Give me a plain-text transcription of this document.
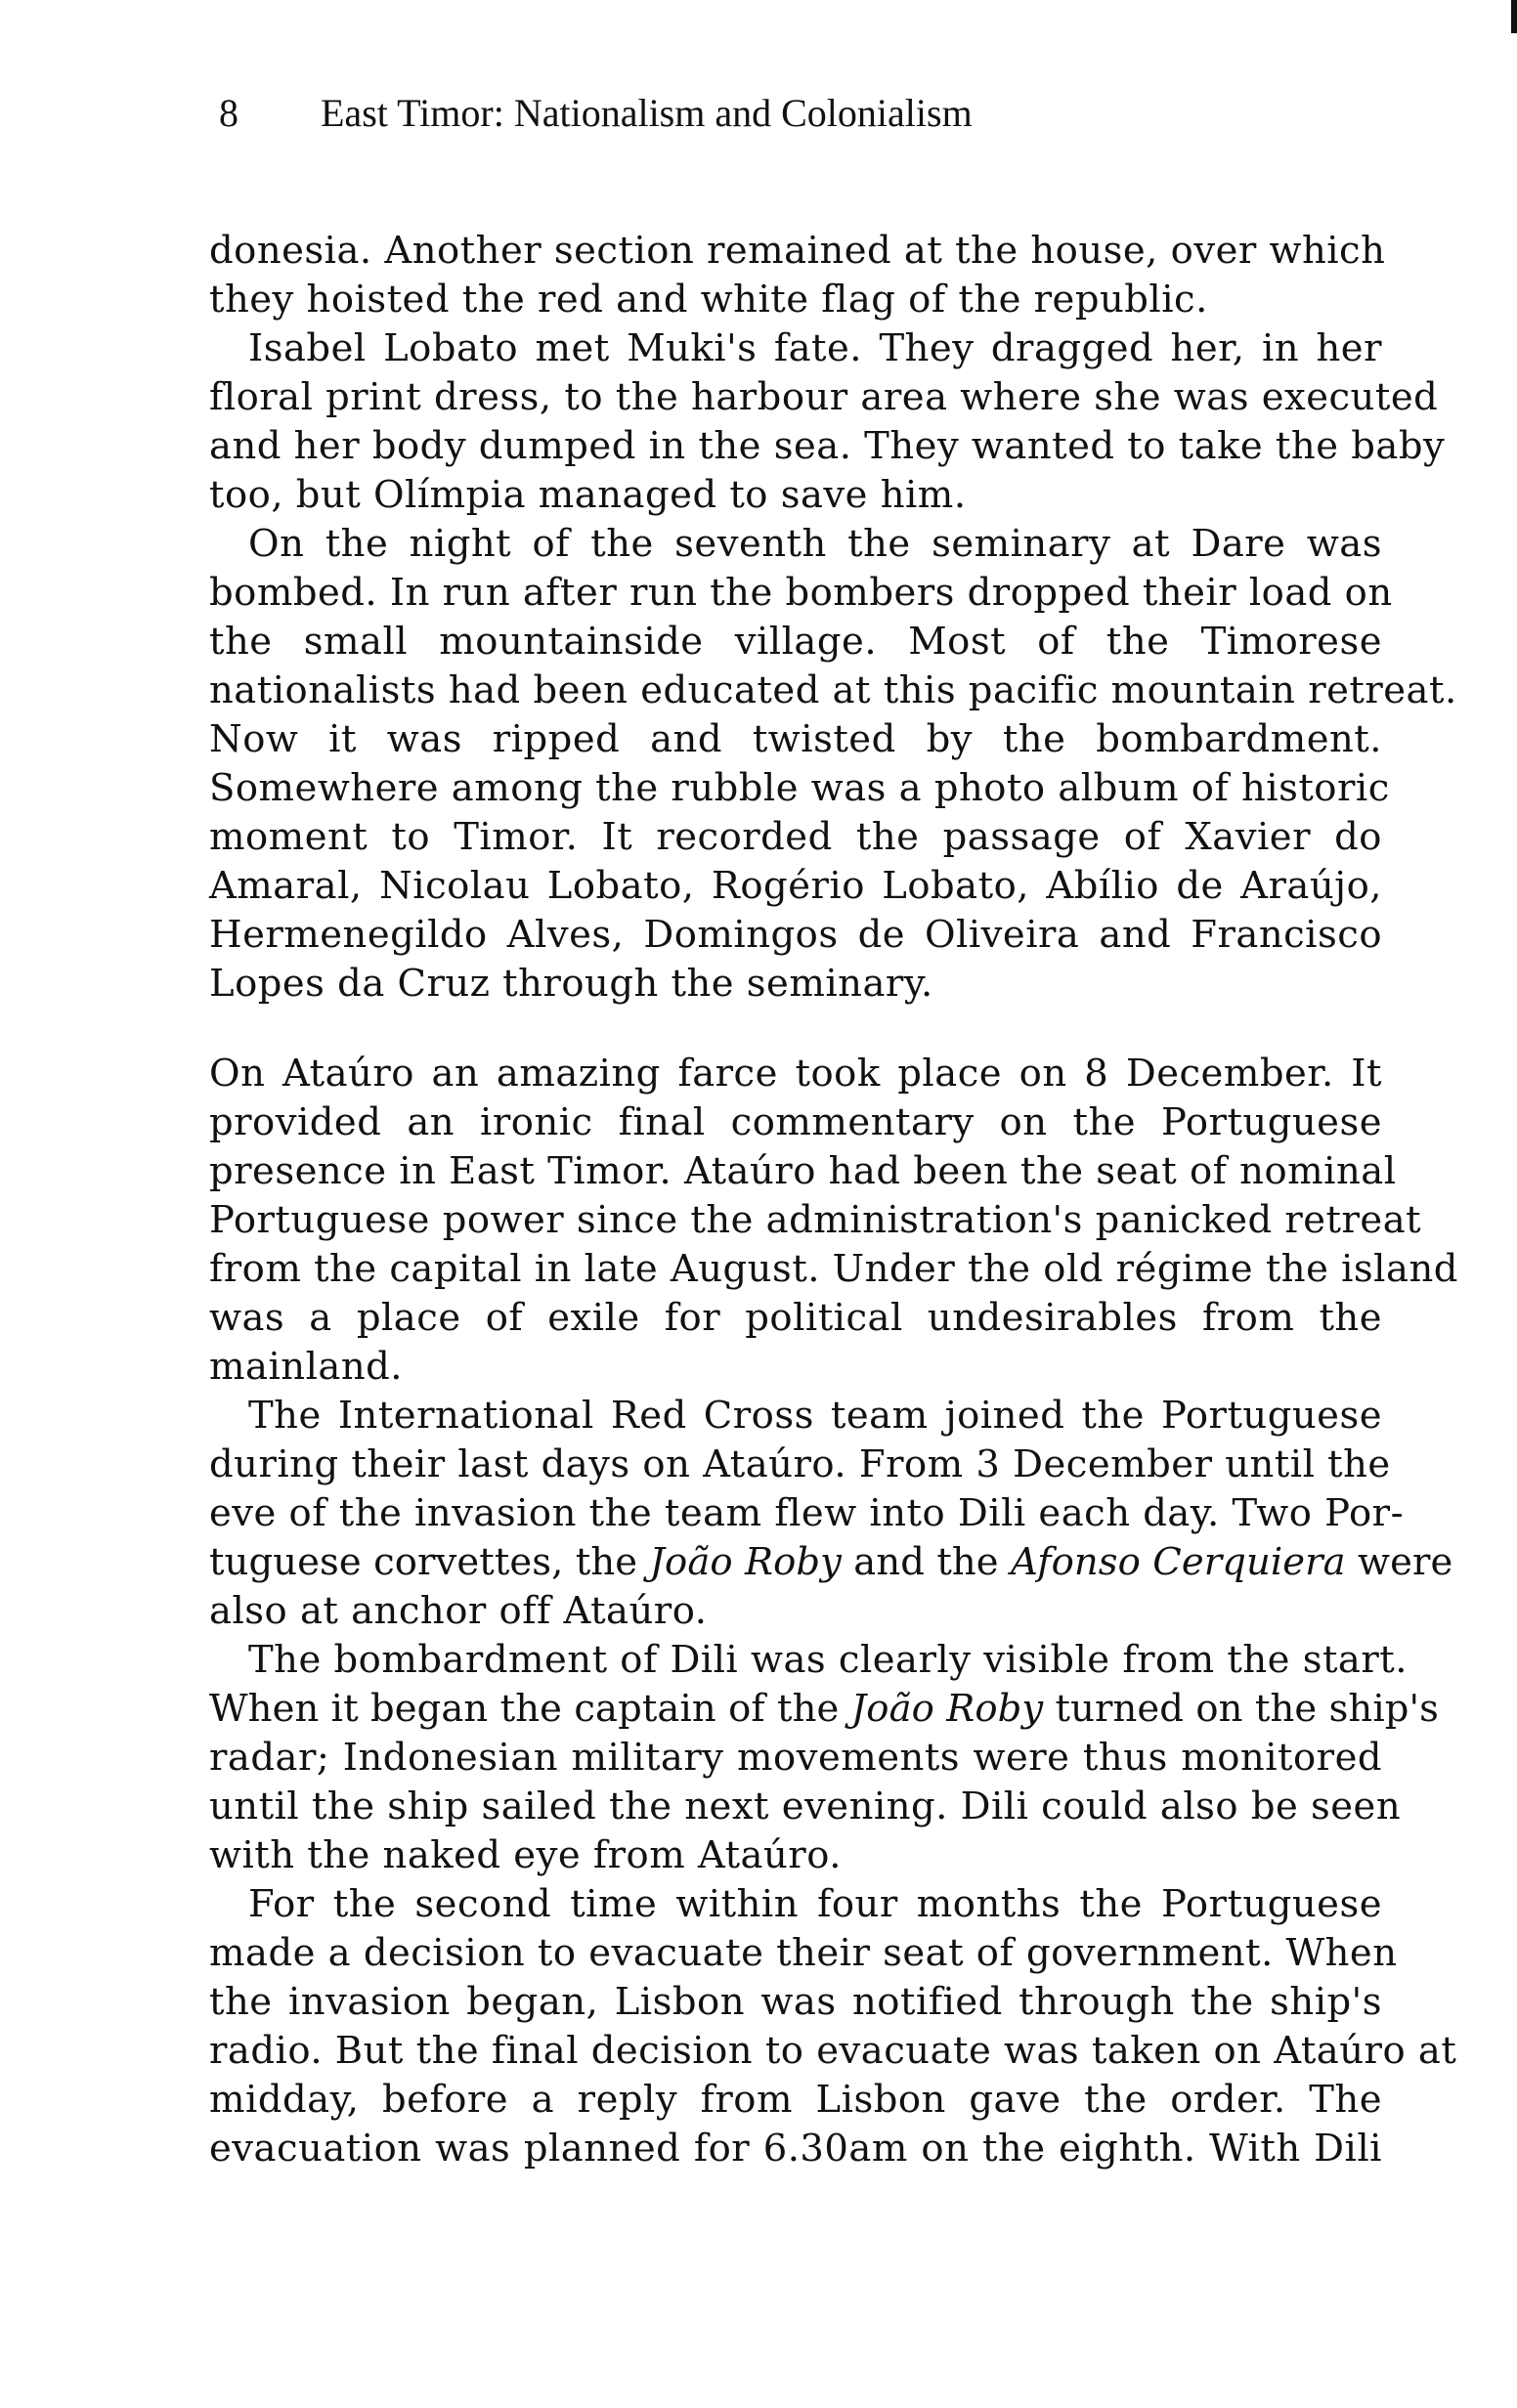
8 East Timor: Nationalism and Colonialism
donesia. Another section remained at the house, over which
they hoisted the red and white flag of the republic.
Isabel Lobato met Muki's fate. They dragged her, in her
floral print dress, to the harbour area where she was executed
and her body dumped in the sea. They wanted to take the baby
too, but Olímpia managed to save him.
On the night of the seventh the seminary at Dare was
bombed. In run after run the bombers dropped their load on
the small mountainside village. Most of the Timorese
nationalists had been educated at this pacific mountain retreat.
Now it was ripped and twisted by the bombardment.
Somewhere among the rubble was a photo album of historic
moment to Timor. It recorded the passage of Xavier do
Amaral, Nicolau Lobato, Rogério Lobato, Abílio de Araújo,
Hermenegildo Alves, Domingos de Oliveira and Francisco
Lopes da Cruz through the seminary.
On Ataúro an amazing farce took place on 8 December. It
provided an ironic final commentary on the Portuguese
presence in East Timor. Ataúro had been the seat of nominal
Portuguese power since the administration's panicked retreat
from the capital in late August. Under the old régime the island
was a place of exile for political undesirables from the
mainland.
The International Red Cross team joined the Portuguese
during their last days on Ataúro. From 3 December until the
eve of the invasion the team flew into Dili each day. Two Por-
tuguese corvettes, the João Roby and the Afonso Cerquiera were
also at anchor off Ataúro.
The bombardment of Dili was clearly visible from the start.
When it began the captain of the João Roby turned on the ship's
radar; Indonesian military movements were thus monitored
until the ship sailed the next evening. Dili could also be seen
with the naked eye from Ataúro.
For the second time within four months the Portuguese
made a decision to evacuate their seat of government. When
the invasion began, Lisbon was notified through the ship's
radio. But the final decision to evacuate was taken on Ataúro at
midday, before a reply from Lisbon gave the order. The
evacuation was planned for 6.30am on the eighth. With Dili
